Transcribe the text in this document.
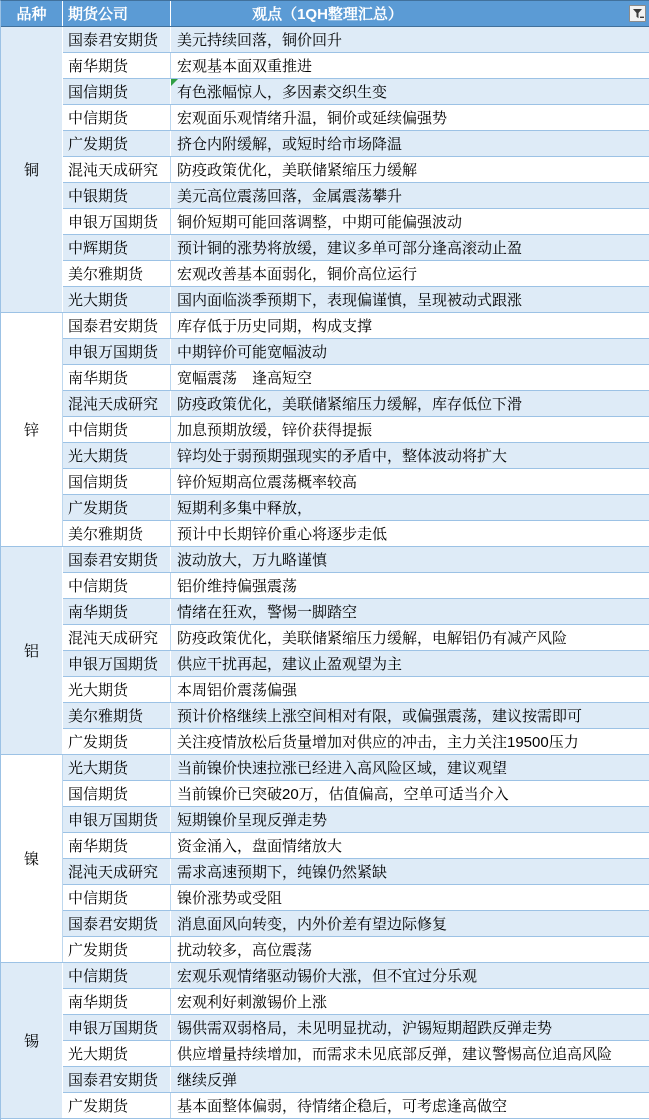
品种	期货公司	观点（1QH整理汇总）
铜
国泰君安期货	美元持续回落，铜价回升
南华期货	宏观基本面双重推进
国信期货	有色涨幅惊人，多因素交织生变
中信期货	宏观面乐观情绪升温，铜价或延续偏强势
广发期货	挤仓内附缓解，或短时给市场降温
混沌天成研究	防疫政策优化，美联储紧缩压力缓解
中银期货	美元高位震荡回落，金属震荡攀升
申银万国期货	铜价短期可能回落调整，中期可能偏强波动
中辉期货	预计铜的涨势将放缓，建议多单可部分逢高滚动止盈
美尔雅期货	宏观改善基本面弱化，铜价高位运行
光大期货	国内面临淡季预期下，表现偏谨慎，呈现被动式跟涨
锌
国泰君安期货	库存低于历史同期，构成支撑
申银万国期货	中期锌价可能宽幅波动
南华期货	宽幅震荡　逢高短空
混沌天成研究	防疫政策优化，美联储紧缩压力缓解，库存低位下滑
中信期货	加息预期放缓，锌价获得提振
光大期货	锌均处于弱预期强现实的矛盾中，整体波动将扩大
国信期货	锌价短期高位震荡概率较高
广发期货	短期利多集中释放，
美尔雅期货	预计中长期锌价重心将逐步走低
铝
国泰君安期货	波动放大，万九略谨慎
中信期货	铝价维持偏强震荡
南华期货	情绪在狂欢，警惕一脚踏空
混沌天成研究	防疫政策优化，美联储紧缩压力缓解，电解铝仍有减产风险
申银万国期货	供应干扰再起，建议止盈观望为主
光大期货	本周铝价震荡偏强
美尔雅期货	预计价格继续上涨空间相对有限，或偏强震荡，建议按需即可
广发期货	关注疫情放松后货量增加对供应的冲击，主力关注19500压力
镍
光大期货	当前镍价快速拉涨已经进入高风险区域，建议观望
国信期货	当前镍价已突破20万，估值偏高，空单可适当介入
申银万国期货	短期镍价呈现反弹走势
南华期货	资金涌入，盘面情绪放大
混沌天成研究	需求高速预期下，纯镍仍然紧缺
中信期货	镍价涨势或受阻
国泰君安期货	消息面风向转变，内外价差有望边际修复
广发期货	扰动较多，高位震荡
锡
中信期货	宏观乐观情绪驱动锡价大涨，但不宜过分乐观
南华期货	宏观利好刺激锡价上涨
申银万国期货	锡供需双弱格局，未见明显扰动，沪锡短期超跌反弹走势
光大期货	供应增量持续增加，而需求未见底部反弹，建议警惕高位追高风险
国泰君安期货	继续反弹
广发期货	基本面整体偏弱，待情绪企稳后，可考虑逢高做空
